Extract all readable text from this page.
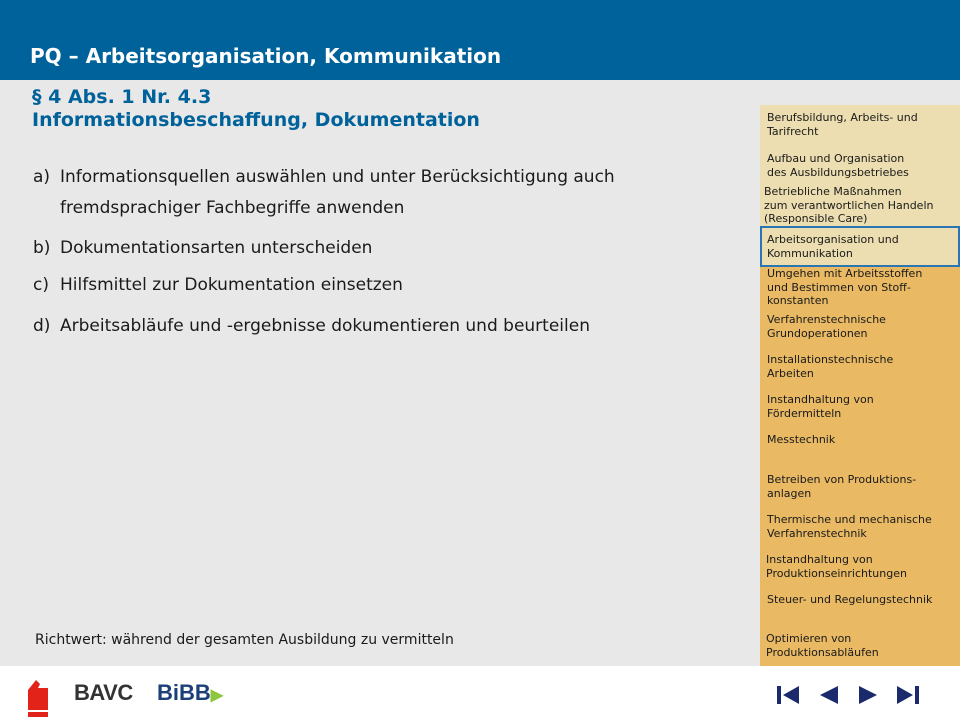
PQ – Arbeitsorganisation, Kommunikation
§ 4 Abs. 1 Nr. 4.3
Informationsbeschaffung, Dokumentation
a) Informationsquellen auswählen und unter Berücksichtigung auch fremdsprachiger Fachbegriffe anwenden
b) Dokumentationsarten unterscheiden
c) Hilfsmittel zur Dokumentation einsetzen
d) Arbeitsabläufe und -ergebnisse dokumentieren und beurteilen
Richtwert: während der gesamten Ausbildung zu vermitteln
Berufsbildung, Arbeits- und
Tarifrecht
Aufbau und Organisation
des Ausbildungsbetriebes
Betriebliche Maßnahmen
zum verantwortlichen Handeln
(Responsible Care)
Arbeitsorganisation und
Kommunikation
Umgehen mit Arbeitsstoffen
und Bestimmen von Stoff-
konstanten
Verfahrenstechnische
Grundoperationen
Installationstechnische
Arbeiten
Instandhaltung von
Fördermitteln
Messtechnik
Betreiben von Produktions-
anlagen
Thermische und mechanische
Verfahrenstechnik
Instandhaltung von
Produktionseinrichtungen
Steuer- und Regelungstechnik
Optimieren von
Produktionsabläufen
BAVC BiBB▶
